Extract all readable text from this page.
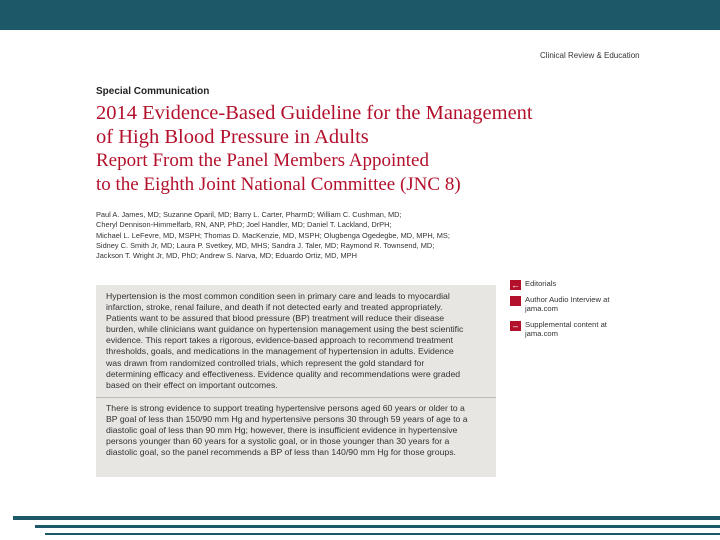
Clinical Review & Education
Special Communication
2014 Evidence-Based Guideline for the Management
of High Blood Pressure in Adults
Report From the Panel Members Appointed
to the Eighth Joint National Committee (JNC 8)
Paul A. James, MD; Suzanne Oparil, MD; Barry L. Carter, PharmD; William C. Cushman, MD;
Cheryl Dennison-Himmelfarb, RN, ANP, PhD; Joel Handler, MD; Daniel T. Lackland, DrPH;
Michael L. LeFevre, MD, MSPH; Thomas D. MacKenzie, MD, MSPH; Olugbenga Ogedegbe, MD, MPH, MS;
Sidney C. Smith Jr, MD; Laura P. Svetkey, MD, MHS; Sandra J. Taler, MD; Raymond R. Townsend, MD;
Jackson T. Wright Jr, MD, PhD; Andrew S. Narva, MD; Eduardo Ortiz, MD, MPH
Hypertension is the most common condition seen in primary care and leads to myocardial
infarction, stroke, renal failure, and death if not detected early and treated appropriately.
Patients want to be assured that blood pressure (BP) treatment will reduce their disease
burden, while clinicians want guidance on hypertension management using the best scientific
evidence. This report takes a rigorous, evidence-based approach to recommend treatment
thresholds, goals, and medications in the management of hypertension in adults. Evidence
was drawn from randomized controlled trials, which represent the gold standard for
determining efficacy and effectiveness. Evidence quality and recommendations were graded
based on their effect on important outcomes.
There is strong evidence to support treating hypertensive persons aged 60 years or older to a
BP goal of less than 150/90 mm Hg and hypertensive persons 30 through 59 years of age to a
diastolic goal of less than 90 mm Hg; however, there is insufficient evidence in hypertensive
persons younger than 60 years for a systolic goal, or in those younger than 30 years for a
diastolic goal, so the panel recommends a BP of less than 140/90 mm Hg for those groups.
← Editorials
Author Audio Interview at
jama.com
– Supplemental content at
jama.com
